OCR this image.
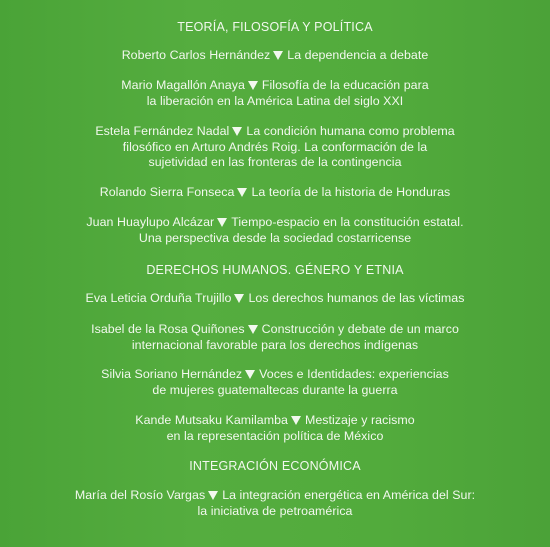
TEORÍA, FILOSOFÍA Y POLÍTICA
Roberto Carlos Hernández La dependencia a debate
Mario Magallón Anaya Filosofía de la educación para
la liberación en la América Latina del siglo XXI
Estela Fernández Nadal La condición humana como problema
filosófico en Arturo Andrés Roig. La conformación de la
sujetividad en las fronteras de la contingencia
Rolando Sierra Fonseca La teoría de la historia de Honduras
Juan Huaylupo Alcázar Tiempo-espacio en la constitución estatal.
Una perspectiva desde la sociedad costarricense
DERECHOS HUMANOS. GÉNERO Y ETNIA
Eva Leticia Orduña Trujillo Los derechos humanos de las víctimas
Isabel de la Rosa Quiñones Construcción y debate de un marco
internacional favorable para los derechos indígenas
Silvia Soriano Hernández Voces e Identidades: experiencias
de mujeres guatemaltecas durante la guerra
Kande Mutsaku Kamilamba Mestizaje y racismo
en la representación política de México
INTEGRACIÓN ECONÓMICA
María del Rosío Vargas La integración energética en América del Sur:
la iniciativa de petroamérica
